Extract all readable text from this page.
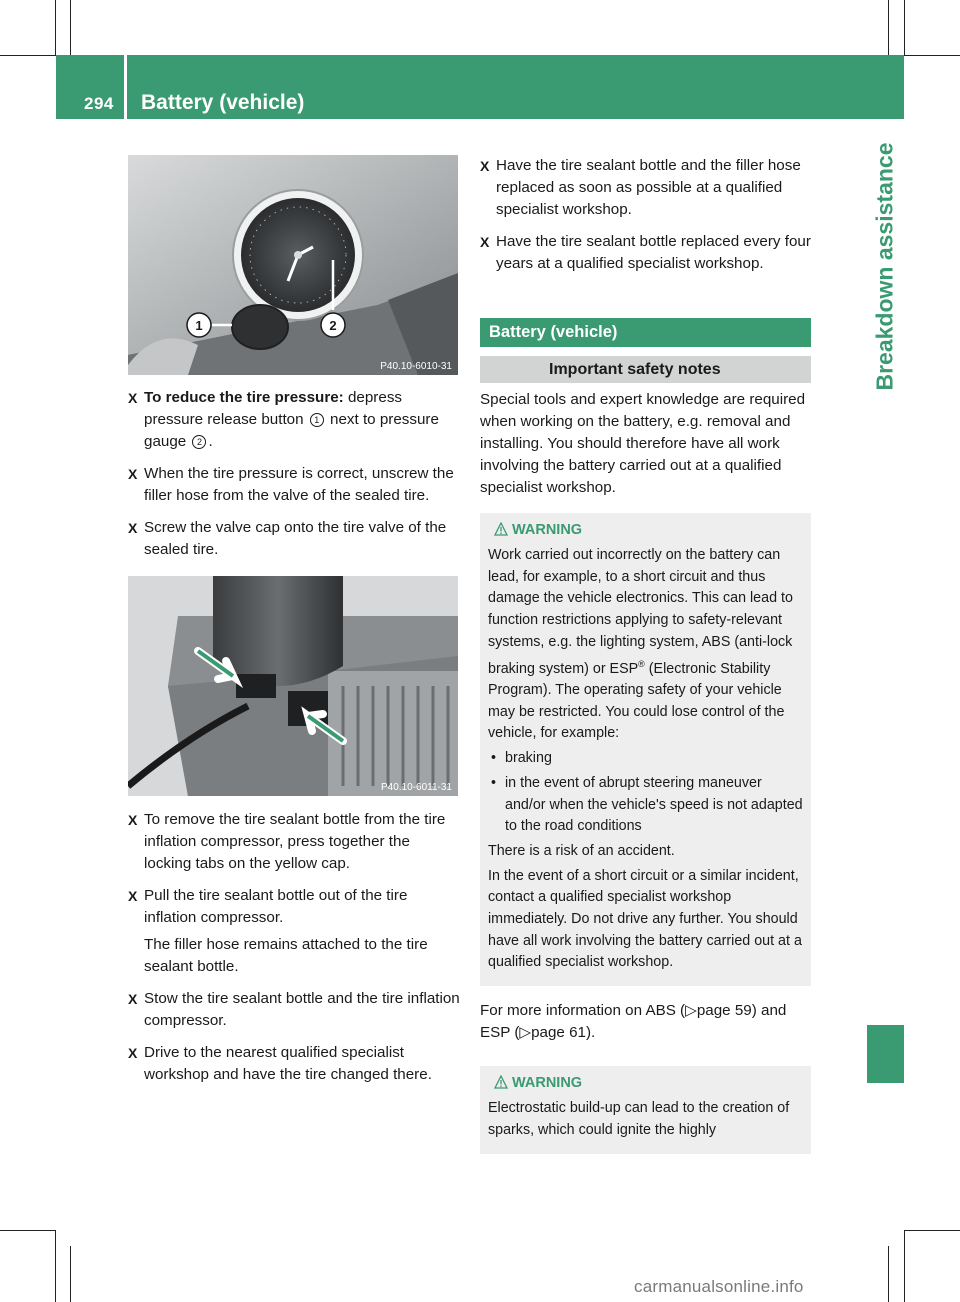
294 Battery (vehicle)
Breakdown assistance
1	2
P40.10-6010-31
X To reduce the tire pressure: depress pressure release button 1 next to pressure gauge 2 .
X When the tire pressure is correct, unscrew the filler hose from the valve of the sealed tire.
X Screw the valve cap onto the tire valve of the sealed tire.
P40.10-6011-31
X To remove the tire sealant bottle from the tire inflation compressor, press together the locking tabs on the yellow cap.
X Pull the tire sealant bottle out of the tire inflation compressor.
The filler hose remains attached to the tire sealant bottle.
X Stow the tire sealant bottle and the tire inflation compressor.
X Drive to the nearest qualified specialist workshop and have the tire changed there.
X Have the tire sealant bottle and the filler hose replaced as soon as possible at a qualified specialist workshop.
X Have the tire sealant bottle replaced every four years at a qualified specialist workshop.
Battery (vehicle)
Important safety notes
Special tools and expert knowledge are required when working on the battery, e.g. removal and installing. You should therefore have all work involving the battery carried out at a qualified specialist workshop.
WARNING

Work carried out incorrectly on the battery can lead, for example, to a short circuit and thus damage the vehicle electronics. This can lead to function restrictions applying to safety-relevant systems, e.g. the lighting system, ABS (anti-lock braking system) or ESP® (Electronic Stability Program). The operating safety of your vehicle may be restricted. You could lose control of the vehicle, for example:

• braking
• in the event of abrupt steering maneuver and/or when the vehicle's speed is not adapted to the road conditions

There is a risk of an accident.

In the event of a short circuit or a similar incident, contact a qualified specialist workshop immediately. Do not drive any further. You should have all work involving the battery carried out at a qualified specialist workshop.

For more information on ABS (▷page 59) and ESP (▷page 61).
WARNING

Electrostatic build-up can lead to the creation of sparks, which could ignite the highly

carmanualsonline.info
